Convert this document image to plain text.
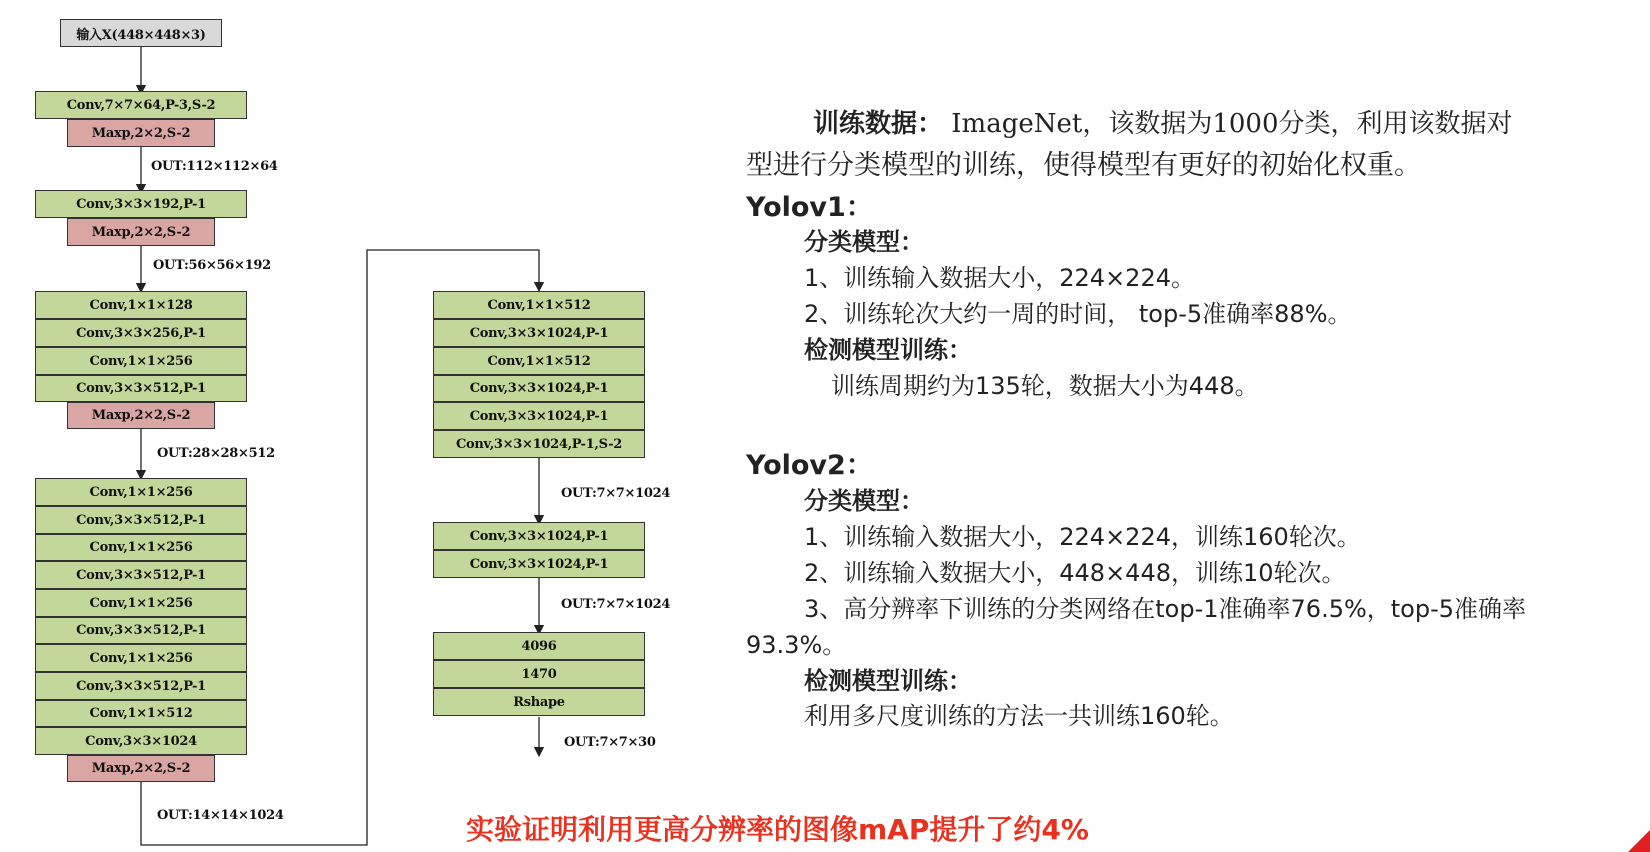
输入X(448×448×3)
Conv,7×7×64,P-3,S-2
Maxp,2×2,S-2
OUT:112×112×64
Conv,3×3×192,P-1
Maxp,2×2,S-2
OUT:56×56×192
Conv,1×1×128
Conv,3×3×256,P-1
Conv,1×1×256
Conv,3×3×512,P-1
Maxp,2×2,S-2
OUT:28×28×512
Conv,1×1×256
Conv,3×3×512,P-1
Conv,1×1×256
Conv,3×3×512,P-1
Conv,1×1×256
Conv,3×3×512,P-1
Conv,1×1×256
Conv,3×3×512,P-1
Conv,1×1×512
Conv,3×3×1024
Maxp,2×2,S-2
OUT:14×14×1024
Conv,1×1×512
Conv,3×3×1024,P-1
Conv,1×1×512
Conv,3×3×1024,P-1
Conv,3×3×1024,P-1
Conv,3×3×1024,P-1,S-2
OUT:7×7×1024
Conv,3×3×1024,P-1
Conv,3×3×1024,P-1
OUT:7×7×1024
4096
1470
Rshape
OUT:7×7×30
训练数据： ImageNet，该数据为1000分类，利用该数据对
型进行分类模型的训练，使得模型有更好的初始化权重。
Yolov1：
分类模型：
1、训练输入数据大小，224×224。
2、训练轮次大约一周的时间， top-5准确率88%。
检测模型训练：
训练周期约为135轮，数据大小为448。
Yolov2：
分类模型：
1、训练输入数据大小，224×224，训练160轮次。
2、训练输入数据大小，448×448，训练10轮次。
3、高分辨率下训练的分类网络在top-1准确率76.5%，top-5准确率
93.3%。
检测模型训练：
利用多尺度训练的方法一共训练160轮。
实验证明利用更高分辨率的图像mAP提升了约4%
